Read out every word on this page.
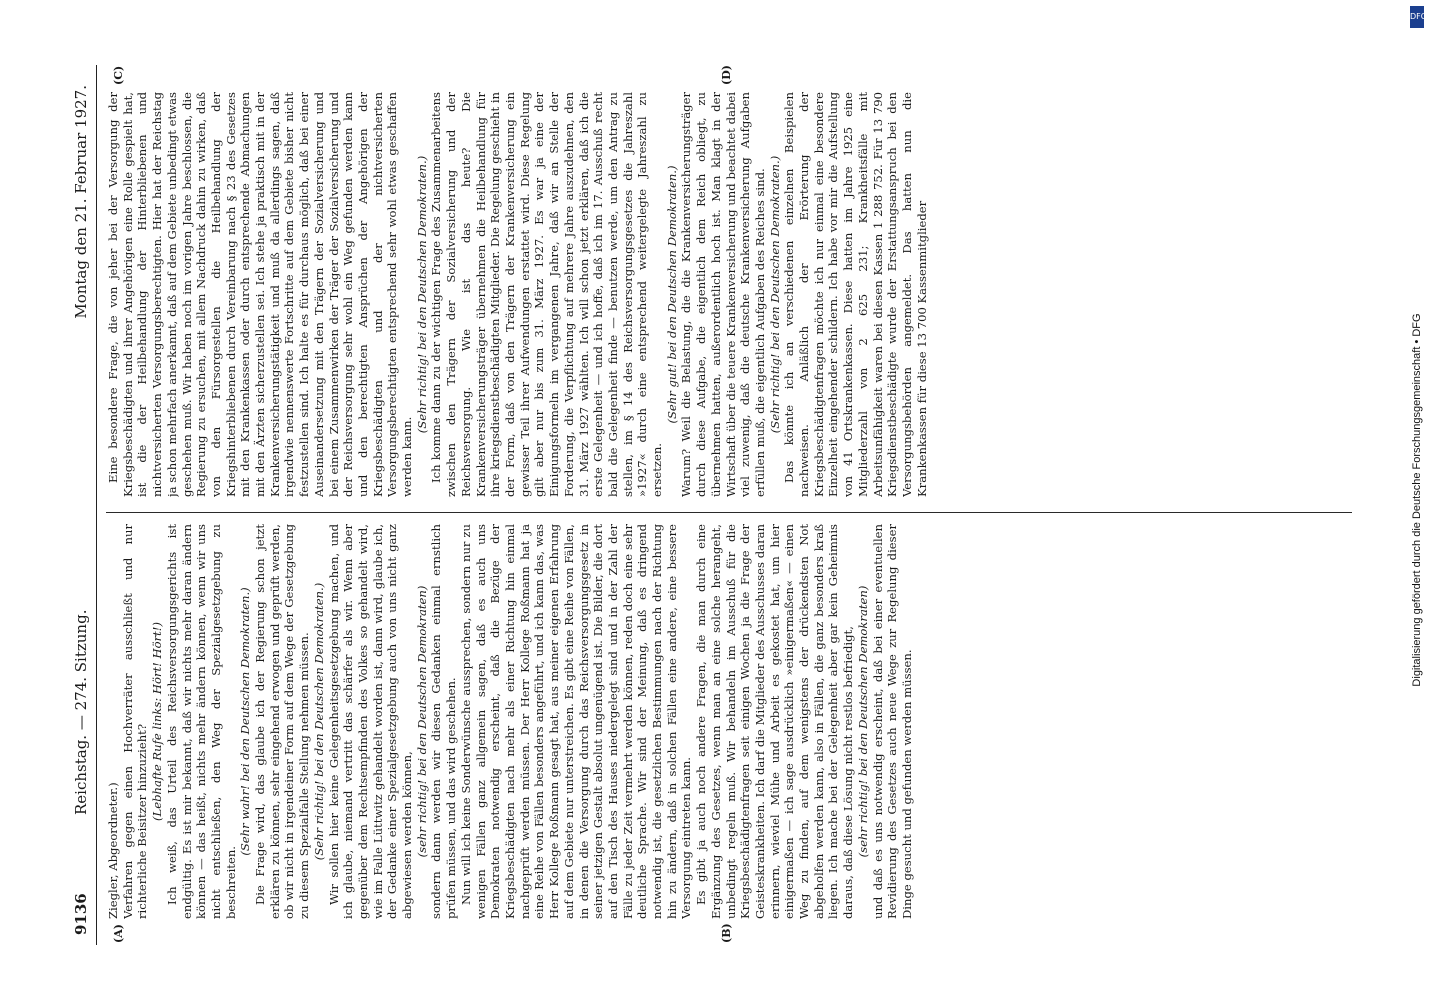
9136
Reichstag. — 274. Sitzung.
Montag den 21. Februar 1927.
(A)	(B)
(C)	(D)

Ziegler, Abgeordneter.) Verfahren gegen einen Hochverräter ausschließt und nur richterliche Beisitzer hinzuzieht?

(Lebhafte Rufe links: Hört! Hört!) Ich weiß, das Urteil des Reichsversorgungsgerichts ist endgültig. Es ist mir bekannt, daß wir nichts mehr daran ändern können — das heißt, nichts mehr ändern können, wenn wir uns nicht entschließen, den Weg der Spezialgesetzgebung zu beschreiten.

(Sehr wahr! bei den Deutschen Demokraten.) Die Frage wird, das glaube ich der Regierung schon jetzt erklären zu können, sehr eingehend erwogen und geprüft werden, ob wir nicht in irgendeiner Form auf dem Wege der Gesetzgebung zu diesem Spezialfalle Stellung nehmen müssen. (Sehr richtig! bei den Deutschen Demokraten.) Wir sollen hier keine Gelegenheitsgesetzgebung machen, und ich glaube, niemand vertritt das schärfer als wir. Wenn aber gegenüber dem Rechtsempfinden des Volkes so gehandelt wird, wie im Falle Lüttwitz gehandelt worden ist, dann wird, glaube ich, der Gedanke einer Spezialgesetzgebung auch von uns nicht ganz abgewiesen werden können, (sehr richtig! bei den Deutschen Demokraten) sondern dann werden wir diesen Gedanken einmal ernstlich prüfen müssen, und das wird geschehen. Nun will ich keine Sonderwünsche aussprechen, sondern nur zu wenigen Fällen ganz allgemein sagen, daß es auch uns Demokraten notwendig erscheint, daß die Bezüge der Kriegsbeschädigten nach mehr als einer Richtung hin einmal nachgeprüft werden müssen. Der Herr Kollege Roßmann hat ja eine Reihe von Fällen besonders angeführt, und ich kann das, was Herr Kollege Roßmann gesagt hat, aus meiner eigenen Erfahrung auf dem Gebiete nur unterstreichen. Es gibt eine Reihe von Fällen, in denen die Versorgung durch das Reichsversorgungsgesetz in seiner jetzigen Gestalt absolut ungenügend ist. Die Bilder, die dort auf den Tisch des Hauses niedergelegt sind und in der Zahl der Fälle zu jeder Zeit vermehrt werden können, reden doch eine sehr deutliche Sprache. Wir sind der Meinung, daß es dringend notwendig ist, die gesetzlichen Bestimmungen nach der Richtung hin zu ändern, daß in solchen Fällen eine andere, eine bessere Versorgung eintreten kann. Es gibt ja auch noch andere Fragen, die man durch eine Ergänzung des Gesetzes, wenn man an eine solche herangeht, unbedingt regeln muß. Wir behandeln im Ausschuß für die Kriegsbeschädigtenfragen seit einigen Wochen ja die Frage der Geisteskrankheiten. Ich darf die Mitglieder des Ausschusses daran erinnern, wieviel Mühe und Arbeit es gekostet hat, um hier einigermaßen — ich sage ausdrücklich »einigermaßen« — einen Weg zu finden, auf dem wenigstens der drückendsten Not abgeholfen werden kann, also in Fällen, die ganz besonders kraß liegen. Ich mache bei der Gelegenheit aber gar kein Geheimnis daraus, daß diese Lösung nicht restlos befriedigt, (sehr richtig! bei den Deutschen Demokraten) und daß es uns notwendig erscheint, daß bei einer eventuellen Revidierung des Gesetzes auch neue Wege zur Regelung dieser Dinge gesucht und gefunden werden müssen.

Eine besondere Frage, die von jeher bei der Versorgung der Kriegsbeschädigten und ihrer Angehörigen eine Rolle gespielt hat, ist die der Heilbehandlung der Hinterbliebenen und nichtversicherten Versorgungsberechtigten. Hier hat der Reichstag ja schon mehrfach anerkannt, daß auf dem Gebiete unbedingt etwas geschehen muß. Wir haben noch im vorigen Jahre beschlossen, die Regierung zu ersuchen, mit allem Nachdruck dahin zu wirken, daß von den Fürsorgestellen die Heilbehandlung der Kriegshinterbliebenen durch Vereinbarung nach § 23 des Gesetzes mit den Krankenkassen oder durch entsprechende Abmachungen mit den Ärzten sicherzustellen sei. Ich stehe ja praktisch mit in der Krankenversicherungstätigkeit und muß da allerdings sagen, daß irgendwie nennenswerte Fortschritte auf dem Gebiete bisher nicht festzustellen sind. Ich halte es für durchaus möglich, daß bei einer Auseinandersetzung mit den Trägern der Sozialversicherung und bei einem Zusammenwirken der Träger der Sozialversicherung und der Reichsversorgung sehr wohl ein Weg gefunden werden kann und den berechtigten Ansprüchen der Angehörigen der Kriegsbeschädigten und der nichtversicherten Versorgungsberechtigten entsprechend sehr wohl etwas geschaffen werden kann.

(Sehr richtig! bei den Deutschen Demokraten.) Ich komme dann zu der wichtigen Frage des Zusammenarbeitens zwischen den Trägern der Sozialversicherung und der Reichsversorgung. Wie ist das heute? Die Krankenversicherungsträger übernehmen die Heilbehandlung für ihre kriegsdienstbeschädigten Mitglieder. Die Regelung geschieht in der Form, daß von den Trägern der Krankenversicherung ein gewisser Teil ihrer Aufwendungen erstattet wird. Diese Regelung gilt aber nur bis zum 31. März 1927. Es war ja eine der Einigungsformeln im vergangenen Jahre, daß wir an Stelle der Forderung, die Verpflichtung auf mehrere Jahre auszudehnen, den 31. März 1927 wählten. Ich will schon jetzt erklären, daß ich die erste Gelegenheit — und ich hoffe, daß ich im 17. Ausschuß recht bald die Gelegenheit finde — benutzen werde, um den Antrag zu stellen, im § 14 des Reichsversorgungsgesetzes die Jahreszahl »1927« durch eine entsprechend weitergelegte Jahreszahl zu ersetzen.

(Sehr gut! bei den Deutschen Demokraten.) Warum? Weil die Belastung, die die Krankenversicherungsträger durch diese Aufgabe, die eigentlich dem Reich obliegt, zu übernehmen hatten, außerordentlich hoch ist. Man klagt in der Wirtschaft über die teuere Krankenversicherung und beachtet dabei viel zuwenig, daß die deutsche Krankenversicherung Aufgaben erfüllen muß, die eigentlich Aufgaben des Reiches sind. (Sehr richtig! bei den Deutschen Demokraten.) Das könnte ich an verschiedenen einzelnen Beispielen nachweisen. Anläßlich der Erörterung der Kriegsbeschädigtenfragen möchte ich nur einmal eine besondere Einzelheit eingehender schildern. Ich habe vor mir die Aufstellung von 41 Ortskrankenkassen. Diese hatten im Jahre 1925 eine Mitgliederzahl von 2 625 231; Krankheitsfälle mit Arbeitsunfähigkeit waren bei diesen Kassen 1 288 752. Für 13 790 Kriegsdienstbeschädigte wurde der Erstattungsanspruch bei den Versorgungsbehörden angemeldet. Das hatten nun die Krankenkassen für diese 13 700 Kassenmitglieder

DFG
Digitalisierung gefördert durch die Deutsche Forschungsgemeinschaft • DFG
